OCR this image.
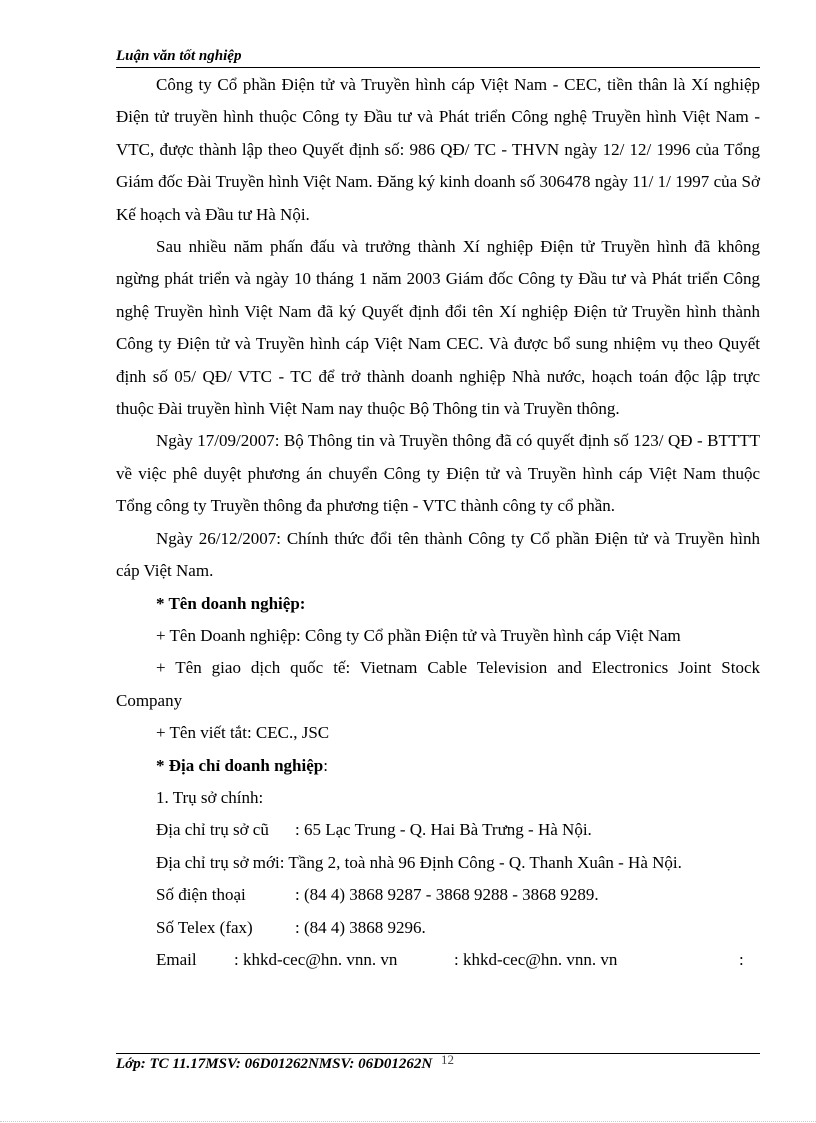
Luận văn tốt nghiệp

Công ty Cổ phần Điện tử và Truyền hình cáp Việt Nam - CEC, tiền thân là Xí nghiệp Điện tử truyền hình thuộc Công ty Đầu tư và Phát triển Công nghệ Truyền hình Việt Nam - VTC, được thành lập theo Quyết định số: 986 QĐ/ TC - THVN ngày 12/ 12/ 1996 của Tổng Giám đốc Đài Truyền hình Việt Nam. Đăng ký kinh doanh số 306478 ngày 11/ 1/ 1997 của Sở Kế hoạch và Đầu tư Hà Nội.

Sau nhiều năm phấn đấu và trưởng thành Xí nghiệp Điện tử Truyền hình đã không ngừng phát triển và ngày 10 tháng 1 năm 2003 Giám đốc Công ty Đầu tư và Phát triển Công nghệ Truyền hình Việt Nam đã ký Quyết định đổi tên Xí nghiệp Điện tử Truyền hình thành Công ty Điện tử và Truyền hình cáp Việt Nam CEC. Và được bổ sung nhiệm vụ theo Quyết định số 05/ QĐ/ VTC - TC để trở thành doanh nghiệp Nhà nước, hoạch toán độc lập trực thuộc Đài truyền hình Việt Nam nay thuộc Bộ Thông tin và Truyền thông.

Ngày 17/09/2007: Bộ Thông tin và Truyền thông đã có quyết định số 123/ QĐ - BTTTT về việc phê duyệt phương án chuyển Công ty Điện tử và Truyền hình cáp Việt Nam thuộc Tổng công ty Truyền thông đa phương tiện - VTC thành công ty cổ phần.

Ngày 26/12/2007: Chính thức đổi tên thành Công ty Cổ phần Điện tử và Truyền hình cáp Việt Nam.

* Tên doanh nghiệp:

+ Tên Doanh nghiệp: Công ty Cổ phần Điện tử và Truyền hình cáp Việt Nam

+ Tên giao dịch quốc tế: Vietnam Cable Television and Electronics Joint Stock Company

+ Tên viết tắt: CEC., JSC

* Địa chỉ doanh nghiệp:

1. Trụ sở chính:

Địa chỉ trụ sở cũ : 65 Lạc Trung - Q. Hai Bà Trưng - Hà Nội.

Địa chỉ trụ sở mới: Tầng 2, toà nhà 96 Định Công - Q. Thanh Xuân - Hà Nội.

Số điện thoại	: (84 4) 3868 9287 - 3868 9288 - 3868 9289.

Số Telex (fax) : (84 4) 3868 9296.

Email : khkd-cec@hn. vnn. vn	: khkd-cec@hn. vnn. vn	:

Lớp: TC 11.17MSV: 06D01262NMSV: 06D01262N 12
